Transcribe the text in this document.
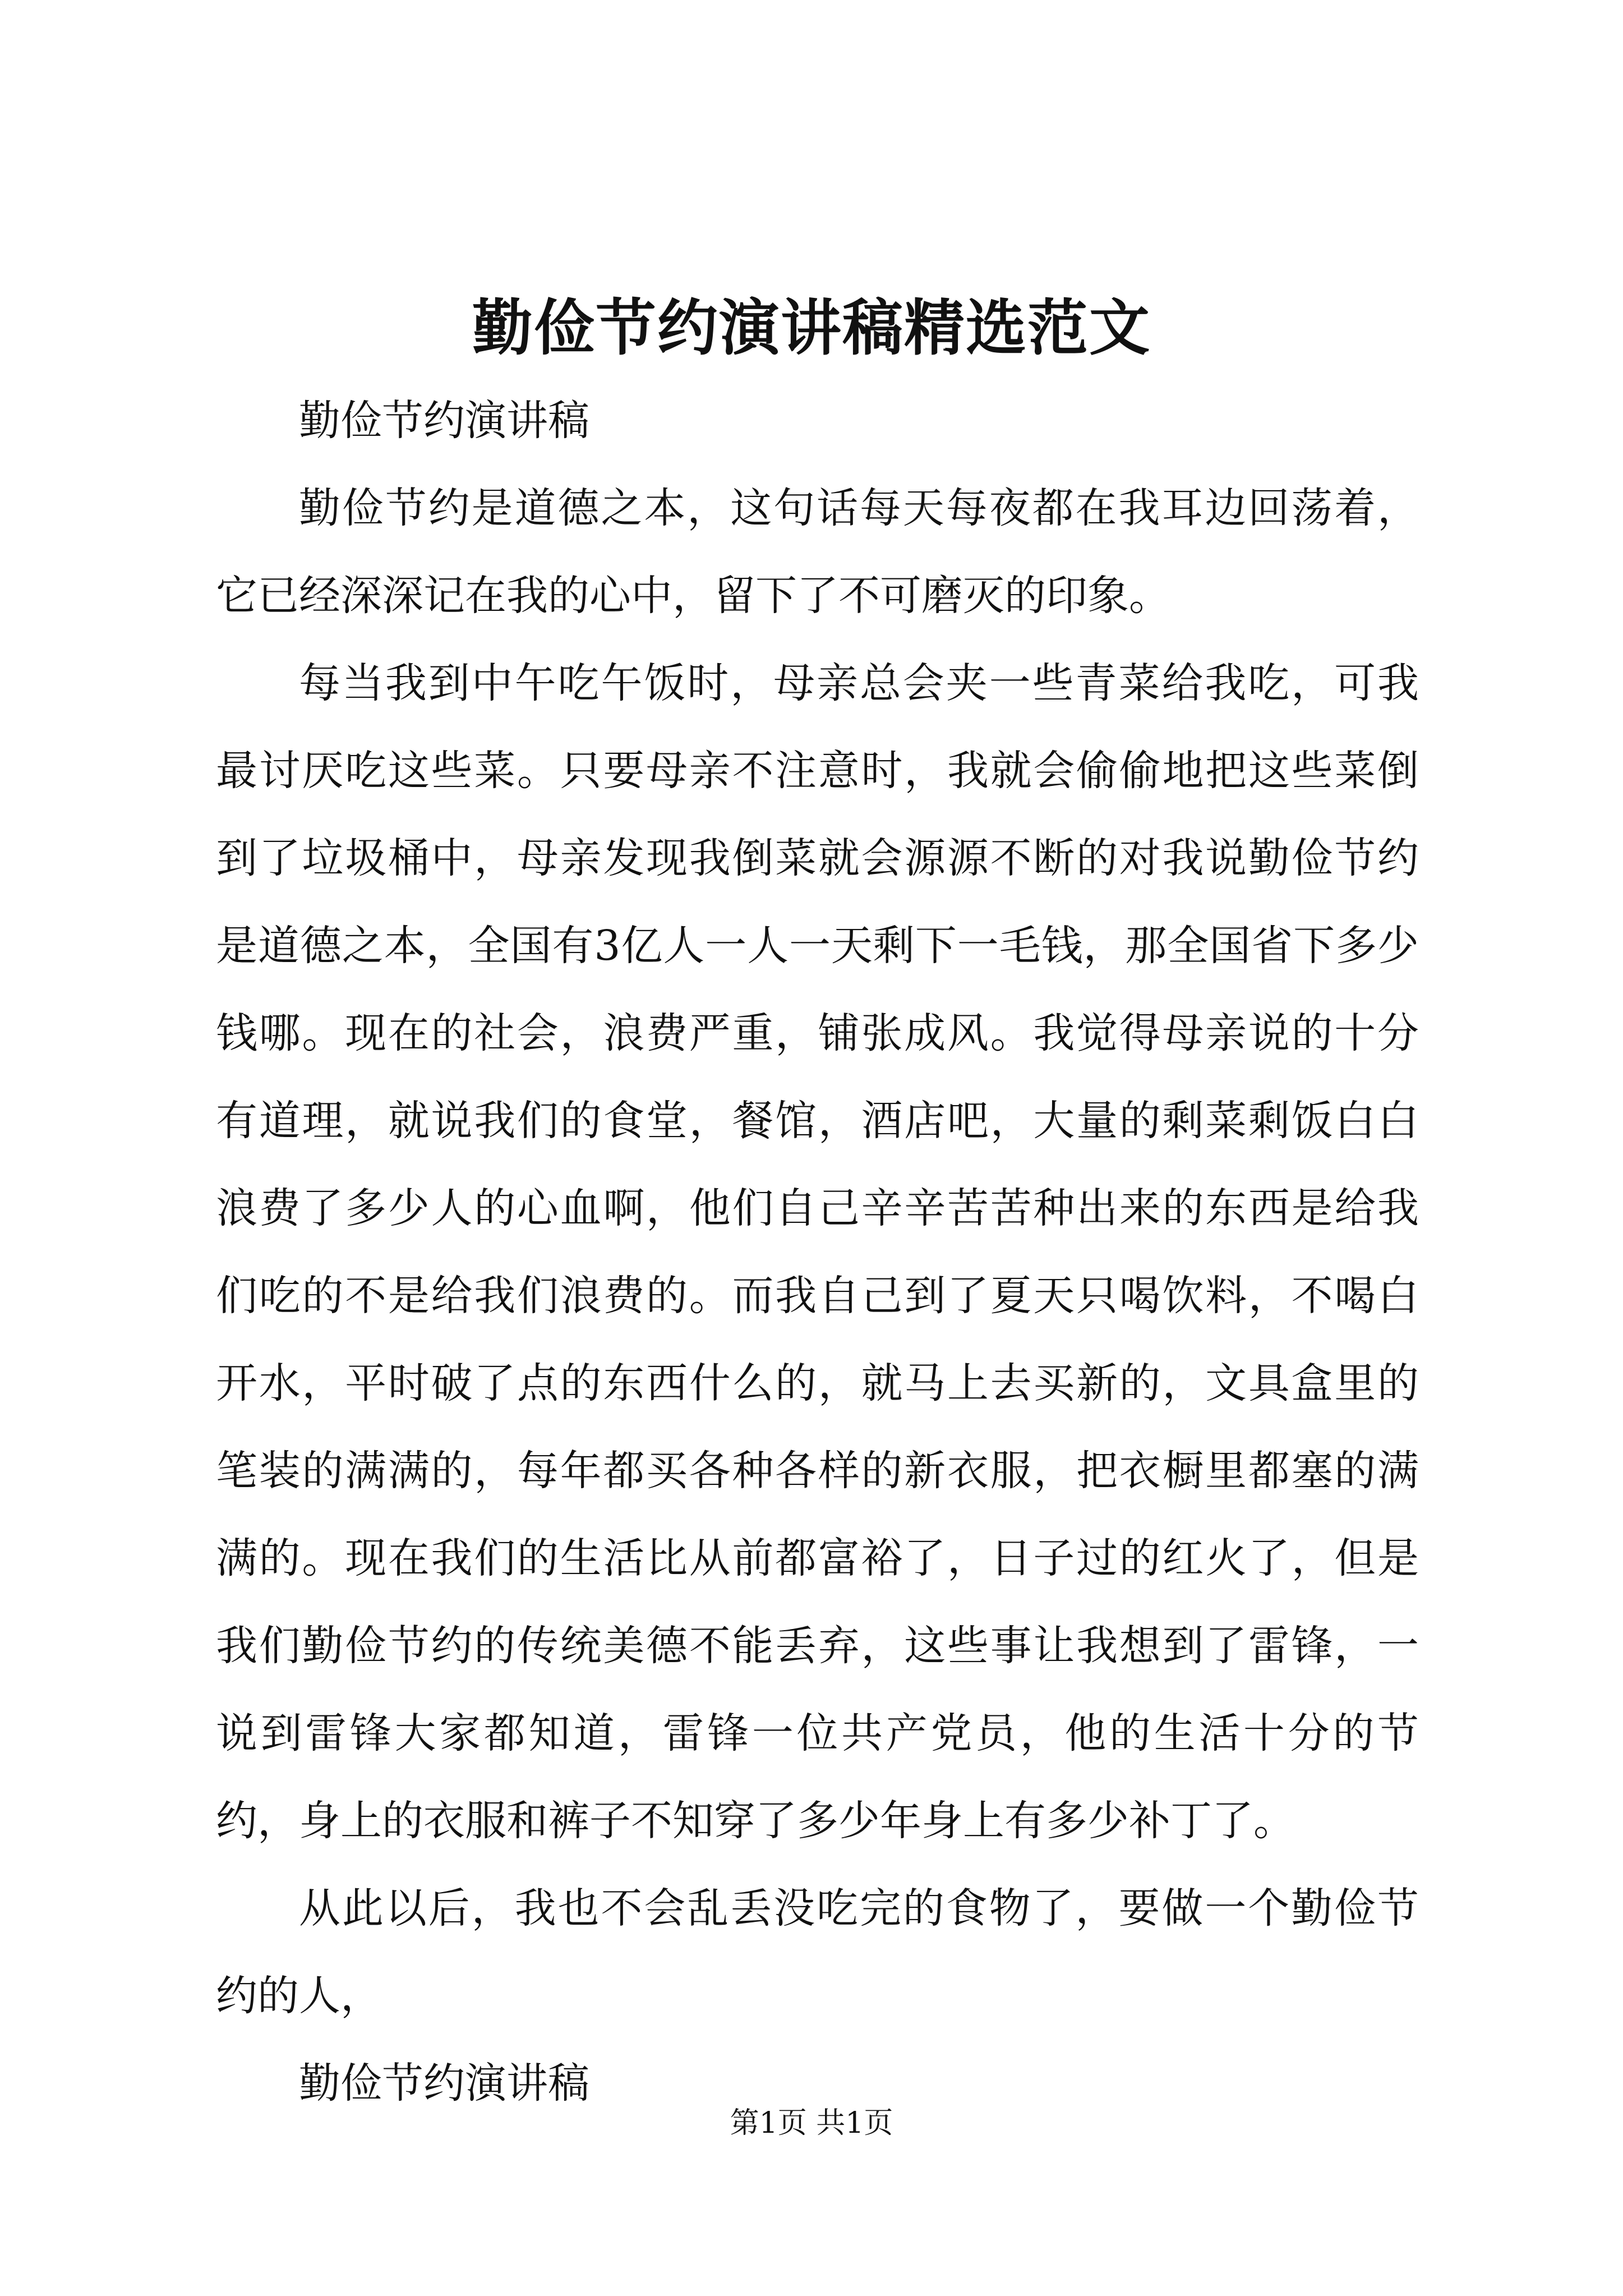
勤俭节约演讲稿精选范文

勤俭节约演讲稿

勤俭节约是道德之本，这句话每天每夜都在我耳边回荡着，它已经深深记在我的心中，留下了不可磨灭的印象。

每当我到中午吃午饭时，母亲总会夹一些青菜给我吃，可我最讨厌吃这些菜。只要母亲不注意时，我就会偷偷地把这些菜倒到了垃圾桶中，母亲发现我倒菜就会源源不断的对我说勤俭节约是道德之本，全国有3亿人一人一天剩下一毛钱，那全国省下多少钱哪。现在的社会，浪费严重，铺张成风。我觉得母亲说的十分有道理，就说我们的食堂，餐馆，酒店吧，大量的剩菜剩饭白白浪费了多少人的心血啊，他们自己辛辛苦苦种出来的东西是给我们吃的不是给我们浪费的。而我自己到了夏天只喝饮料，不喝白开水，平时破了点的东西什么的，就马上去买新的，文具盒里的笔装的满满的，每年都买各种各样的新衣服，把衣橱里都塞的满满的。现在我们的生活比从前都富裕了，日子过的红火了，但是我们勤俭节约的传统美德不能丢弃，这些事让我想到了雷锋，一说到雷锋大家都知道，雷锋一位共产党员，他的生活十分的节约，身上的衣服和裤子不知穿了多少年身上有多少补丁了。

从此以后，我也不会乱丢没吃完的食物了，要做一个勤俭节约的人，

勤俭节约演讲稿

第1页 共1页
